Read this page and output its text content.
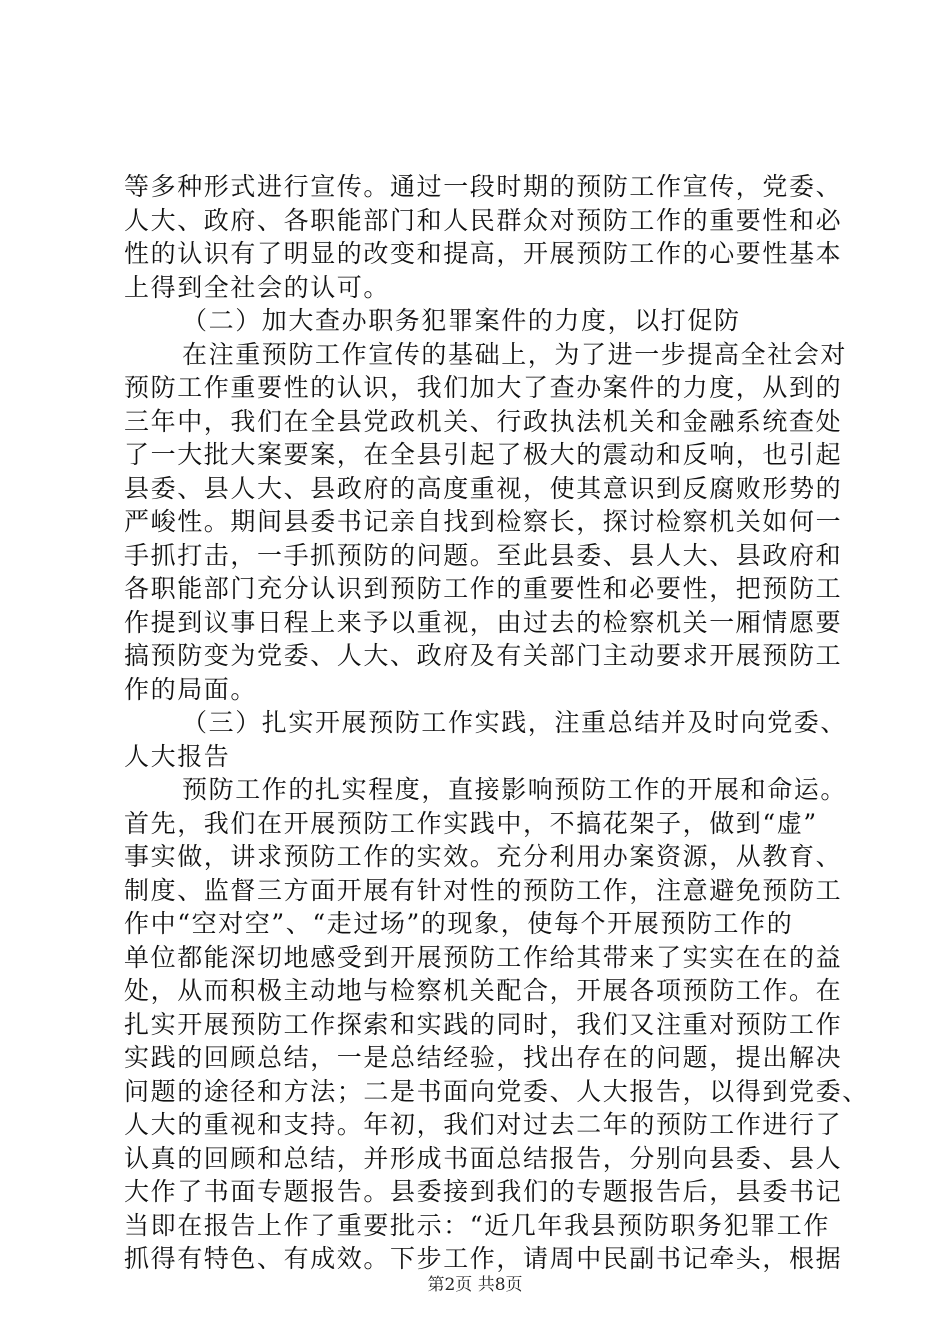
等多种形式进行宣传。通过一段时期的预防工作宣传，党委、
人大、政府、各职能部门和人民群众对预防工作的重要性和必
性的认识有了明显的改变和提高，开展预防工作的心要性基本
上得到全社会的认可。
（二）加大查办职务犯罪案件的力度，以打促防
在注重预防工作宣传的基础上，为了进一步提高全社会对
预防工作重要性的认识，我们加大了查办案件的力度，从到的
三年中，我们在全县党政机关、行政执法机关和金融系统查处
了一大批大案要案，在全县引起了极大的震动和反响，也引起
县委、县人大、县政府的高度重视，使其意识到反腐败形势的
严峻性。期间县委书记亲自找到检察长，探讨检察机关如何一
手抓打击，一手抓预防的问题。至此县委、县人大、县政府和
各职能部门充分认识到预防工作的重要性和必要性，把预防工
作提到议事日程上来予以重视，由过去的检察机关一厢情愿要
搞预防变为党委、人大、政府及有关部门主动要求开展预防工
作的局面。
（三）扎实开展预防工作实践，注重总结并及时向党委、
人大报告
预防工作的扎实程度，直接影响预防工作的开展和命运。
首先，我们在开展预防工作实践中，不搞花架子，做到“虚”
事实做，讲求预防工作的实效。充分利用办案资源，从教育、
制度、监督三方面开展有针对性的预防工作，注意避免预防工
作中“空对空”、“走过场”的现象，使每个开展预防工作的
单位都能深切地感受到开展预防工作给其带来了实实在在的益
处，从而积极主动地与检察机关配合，开展各项预防工作。在
扎实开展预防工作探索和实践的同时，我们又注重对预防工作
实践的回顾总结，一是总结经验，找出存在的问题，提出解决
问题的途径和方法；二是书面向党委、人大报告，以得到党委、
人大的重视和支持。年初，我们对过去二年的预防工作进行了
认真的回顾和总结，并形成书面总结报告，分别向县委、县人
大作了书面专题报告。县委接到我们的专题报告后，县委书记
当即在报告上作了重要批示：“近几年我县预防职务犯罪工作
抓得有特色、有成效。下步工作，请周中民副书记牵头，根据
第2页 共8页
